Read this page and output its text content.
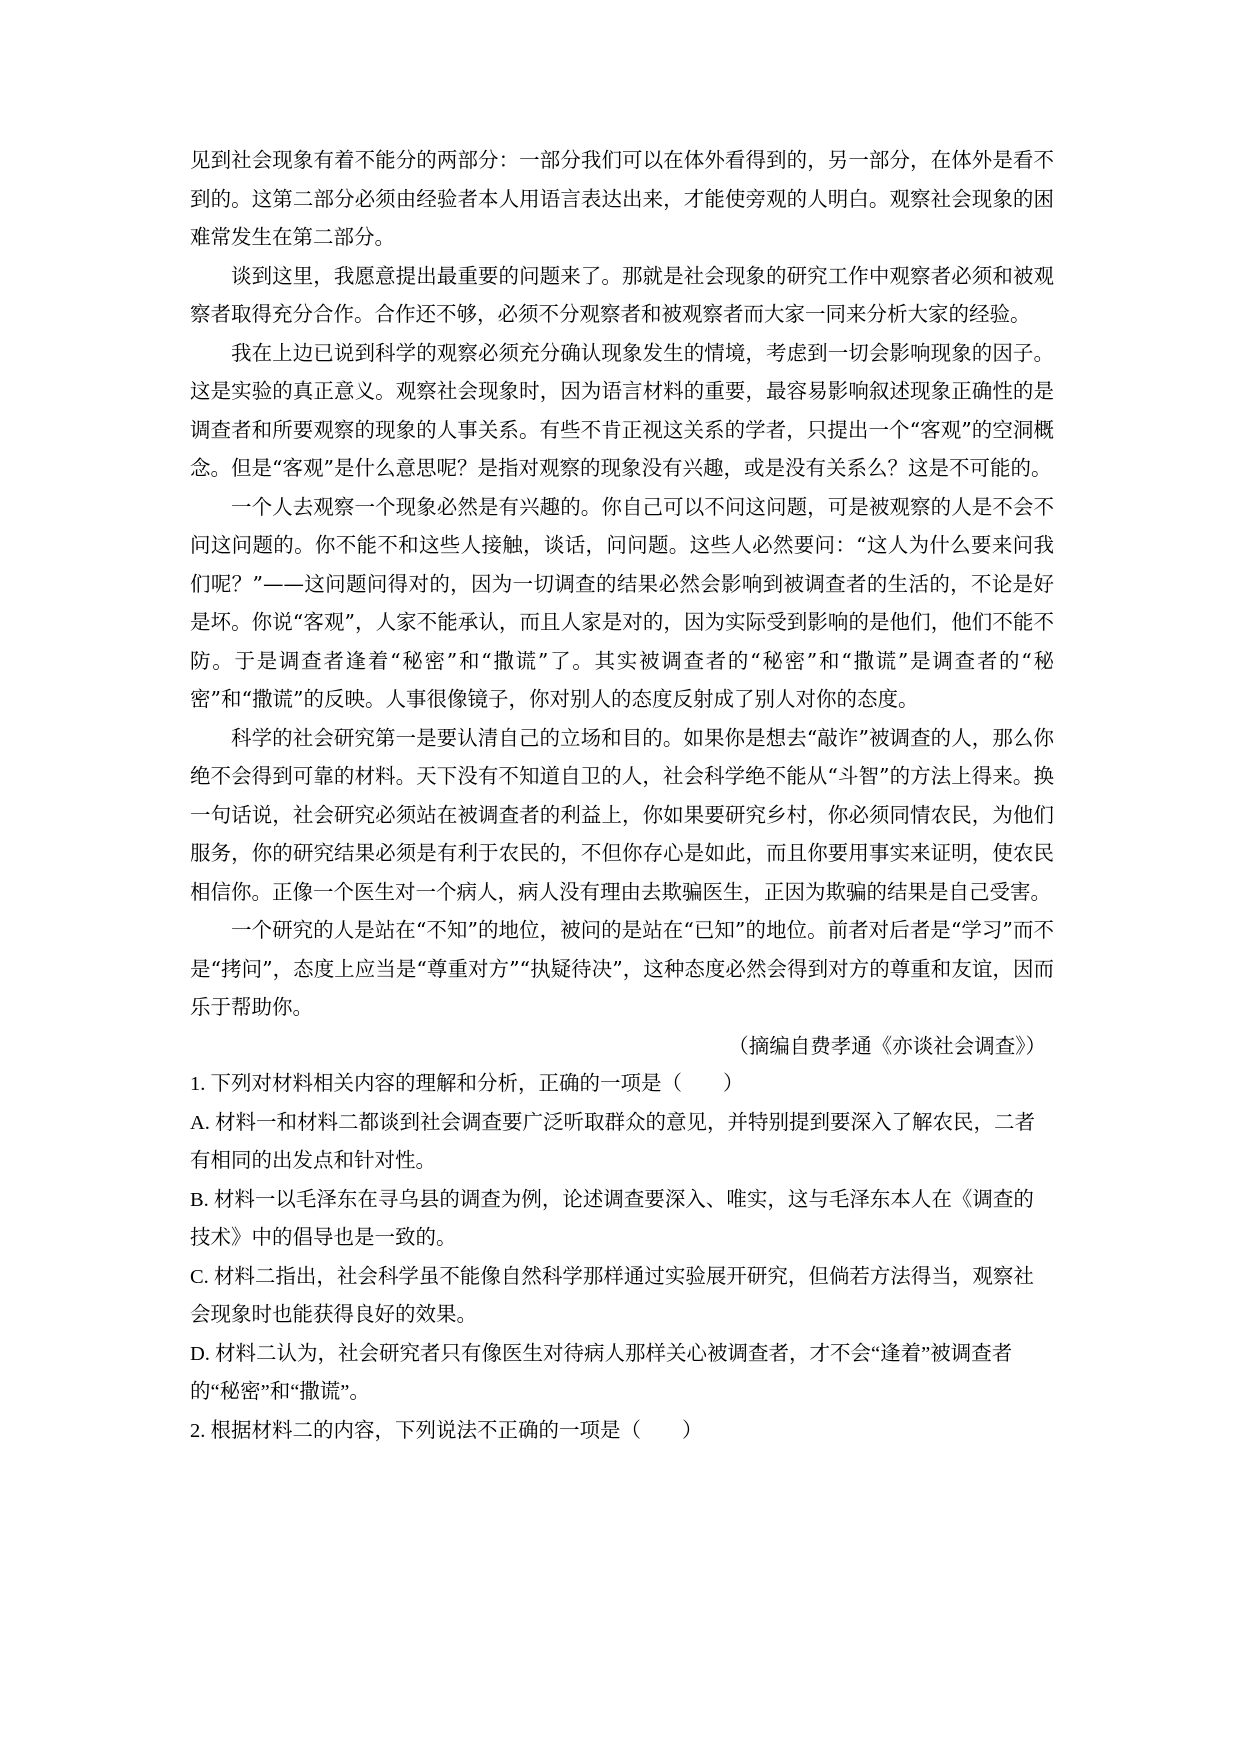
见到社会现象有着不能分的两部分：一部分我们可以在体外看得到的，另一部分，在体外是看不到的。这第二部分必须由经验者本人用语言表达出来，才能使旁观的人明白。观察社会现象的困难常发生在第二部分。

谈到这里，我愿意提出最重要的问题来了。那就是社会现象的研究工作中观察者必须和被观察者取得充分合作。合作还不够，必须不分观察者和被观察者而大家一同来分析大家的经验。

我在上边已说到科学的观察必须充分确认现象发生的情境，考虑到一切会影响现象的因子。这是实验的真正意义。观察社会现象时，因为语言材料的重要，最容易影响叙述现象正确性的是调查者和所要观察的现象的人事关系。有些不肯正视这关系的学者，只提出一个“客观”的空洞概念。但是“客观”是什么意思呢？是指对观察的现象没有兴趣，或是没有关系么？这是不可能的。

一个人去观察一个现象必然是有兴趣的。你自己可以不问这问题，可是被观察的人是不会不问这问题的。你不能不和这些人接触，谈话，问问题。这些人必然要问：“这人为什么要来问我们呢？”——这问题问得对的，因为一切调查的结果必然会影响到被调查者的生活的，不论是好是坏。你说“客观”，人家不能承认，而且人家是对的，因为实际受到影响的是他们，他们不能不防。于是调查者逢着“秘密”和“撒谎”了。其实被调查者的“秘密”和“撒谎”是调查者的“秘密”和“撒谎”的反映。人事很像镜子，你对别人的态度反射成了别人对你的态度。

科学的社会研究第一是要认清自己的立场和目的。如果你是想去“敲诈”被调查的人，那么你绝不会得到可靠的材料。天下没有不知道自卫的人，社会科学绝不能从“斗智”的方法上得来。换一句话说，社会研究必须站在被调查者的利益上，你如果要研究乡村，你必须同情农民，为他们服务，你的研究结果必须是有利于农民的，不但你存心是如此，而且你要用事实来证明，使农民相信你。正像一个医生对一个病人，病人没有理由去欺骗医生，正因为欺骗的结果是自己受害。

一个研究的人是站在“不知”的地位，被问的是站在“已知”的地位。前者对后者是“学习”而不是“拷问”，态度上应当是“尊重对方”“执疑待决”，这种态度必然会得到对方的尊重和友谊，因而乐于帮助你。

（摘编自费孝通《亦谈社会调查》）

1. 下列对材料相关内容的理解和分析，正确的一项是（　　）

A. 材料一和材料二都谈到社会调查要广泛听取群众的意见，并特别提到要深入了解农民，二者有相同的出发点和针对性。

B. 材料一以毛泽东在寻乌县的调查为例，论述调查要深入、唯实，这与毛泽东本人在《调查的技术》中的倡导也是一致的。

C. 材料二指出，社会科学虽不能像自然科学那样通过实验展开研究，但倘若方法得当，观察社会现象时也能获得良好的效果。

D. 材料二认为，社会研究者只有像医生对待病人那样关心被调查者，才不会“逢着”被调查者的“秘密”和“撒谎”。

2. 根据材料二的内容，下列说法不正确的一项是（　　）
